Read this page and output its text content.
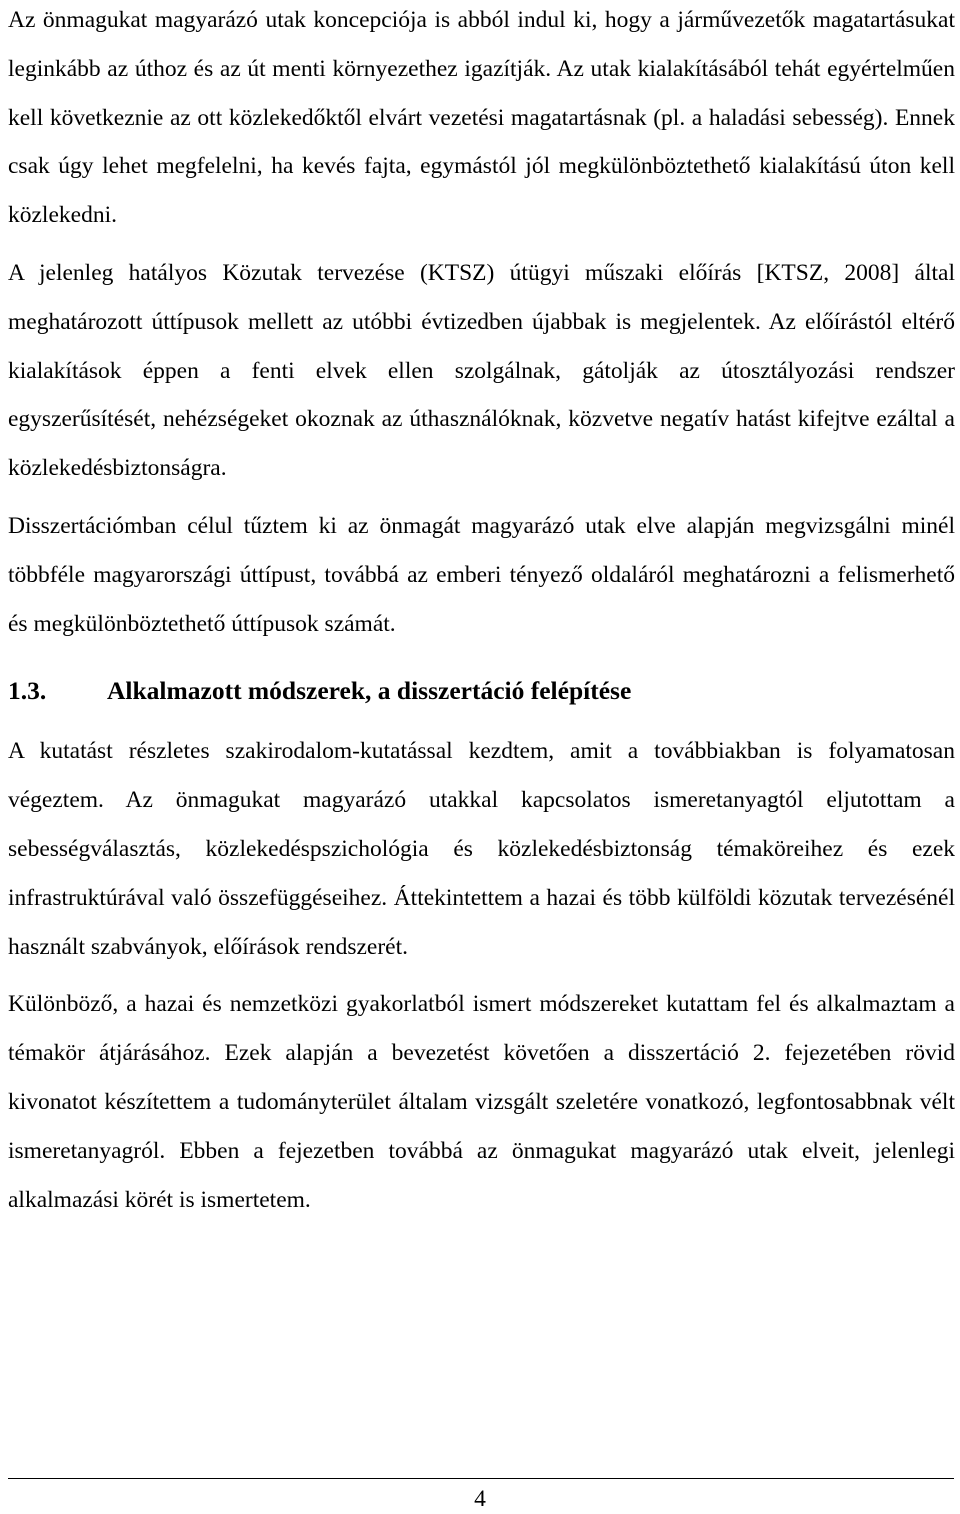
Az önmagukat magyarázó utak koncepciója is abból indul ki, hogy a járművezetők magatartásukat leginkább az úthoz és az út menti környezethez igazítják. Az utak kialakításából tehát egyértelműen kell következnie az ott közlekedőktől elvárt vezetési magatartásnak (pl. a haladási sebesség). Ennek csak úgy lehet megfelelni, ha kevés fajta, egymástól jól megkülönböztethető kialakítású úton kell közlekedni.

A jelenleg hatályos Közutak tervezése (KTSZ) útügyi műszaki előírás [KTSZ, 2008] által meghatározott úttípusok mellett az utóbbi évtizedben újabbak is megjelentek. Az előírástól eltérő kialakítások éppen a fenti elvek ellen szolgálnak, gátolják az útosztályozási rendszer egyszerűsítését, nehézségeket okoznak az úthasználóknak, közvetve negatív hatást kifejtve ezáltal a közlekedésbiztonságra.

Disszertációmban célul tűztem ki az önmagát magyarázó utak elve alapján megvizsgálni minél többféle magyarországi úttípust, továbbá az emberi tényező oldaláról meghatározni a felismerhető és megkülönböztethető úttípusok számát.

1.3.	Alkalmazott módszerek, a disszertáció felépítése

A kutatást részletes szakirodalom-kutatással kezdtem, amit a továbbiakban is folyamatosan végeztem. Az önmagukat magyarázó utakkal kapcsolatos ismeretanyagtól eljutottam a sebességválasztás, közlekedéspszichológia és közlekedésbiztonság témaköreihez és ezek infrastruktúrával való összefüggéseihez. Áttekintettem a hazai és több külföldi közutak tervezésénél használt szabványok, előírások rendszerét.

Különböző, a hazai és nemzetközi gyakorlatból ismert módszereket kutattam fel és alkalmaztam a témakör átjárásához. Ezek alapján a bevezetést követően a disszertáció 2. fejezetében rövid kivonatot készítettem a tudományterület általam vizsgált szeletére vonatkozó, legfontosabbnak vélt ismeretanyagról. Ebben a fejezetben továbbá az önmagukat magyarázó utak elveit, jelenlegi alkalmazási körét is ismertetem.

4
